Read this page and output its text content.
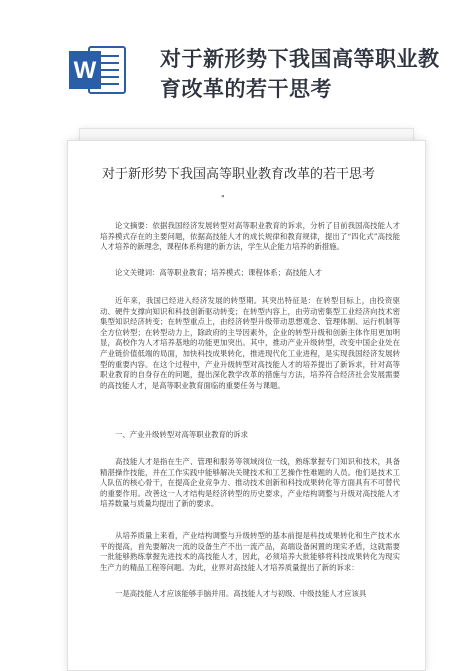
W	对于新形势下我国高等职业教育改革的若干思考
对于新形势下我国高等职业教育改革的若干思考
"

论文摘要：依据我国经济发展转型对高等职业教育的诉求，分析了目前我国高技能人才培养模式存在的主要问题，依据高技能人才的成长规律和教育规律，提出了“四化式”高技能人才培养的新理念，课程体系构建的新方法，学生从企能力培养的新措施。

论文关键词：高等职业教育；培养模式；课程体系；高技能人才

近年来，我国已经进入经济发展的转型期。其突出特征是：在转型目标上，由投资驱动、硬件支撑向知识和科技创新驱动转变；在转型内容上，由劳动密集型工业经济向技术密集型知识经济转变；在转型重点上，由经济转型升级带动思想观念、管理体制、运行机制等全方位转型；在转型动力上，除政府的主导因素外，企业的转型升级和创新主体作用更加明显，高校作为人才培养基地的功能更加突出。其中，推动产业升级转型，改变中国企业处在产业链价值低端的局面，加快科技成果转化，推进现代化工业进程，是实现我国经济发展转型的重要内容。在这个过程中，产业升级转型对高技能人才的培养提出了新诉求，针对高等职业教育的自身存在的问题，提出深化教学改革的措施与方法，培养符合经济社会发展需要的高技能人才，是高等职业教育面临的重要任务与课题。

一、产业升级转型对高等职业教育的诉求

高技能人才是指在生产、管理和服务等领域岗位一线，熟练掌握专门知识和技术，具备精湛操作技能，并在工作实践中能够解决关键技术和工艺操作性难题的人员。他们是技术工人队伍的核心骨干，在提高企业竞争力、推动技术创新和科技成果转化等方面具有不可替代的重要作用。改善这一人才结构是经济转型的历史要求，产业结构调整与升级对高技能人才培养数量与质量均提出了新的要求。

从培养质量上来看，产业结构调整与升级转型的基本前提是科技成果转化和生产技术水平的提高，首先要解决一流的设备生产不出一流产品，高端设备闲置的现实矛盾，这就需要一批能够熟练掌握先进技术的高技能人才，因此，必须培养大批能够将科技成果转化为现实生产力的精品工程等问题。为此，业界对高技能人才培养质量提出了新的诉求：

一是高技能人才应该能够手脑并用。高技能人才与初级、中级技能人才应该具
